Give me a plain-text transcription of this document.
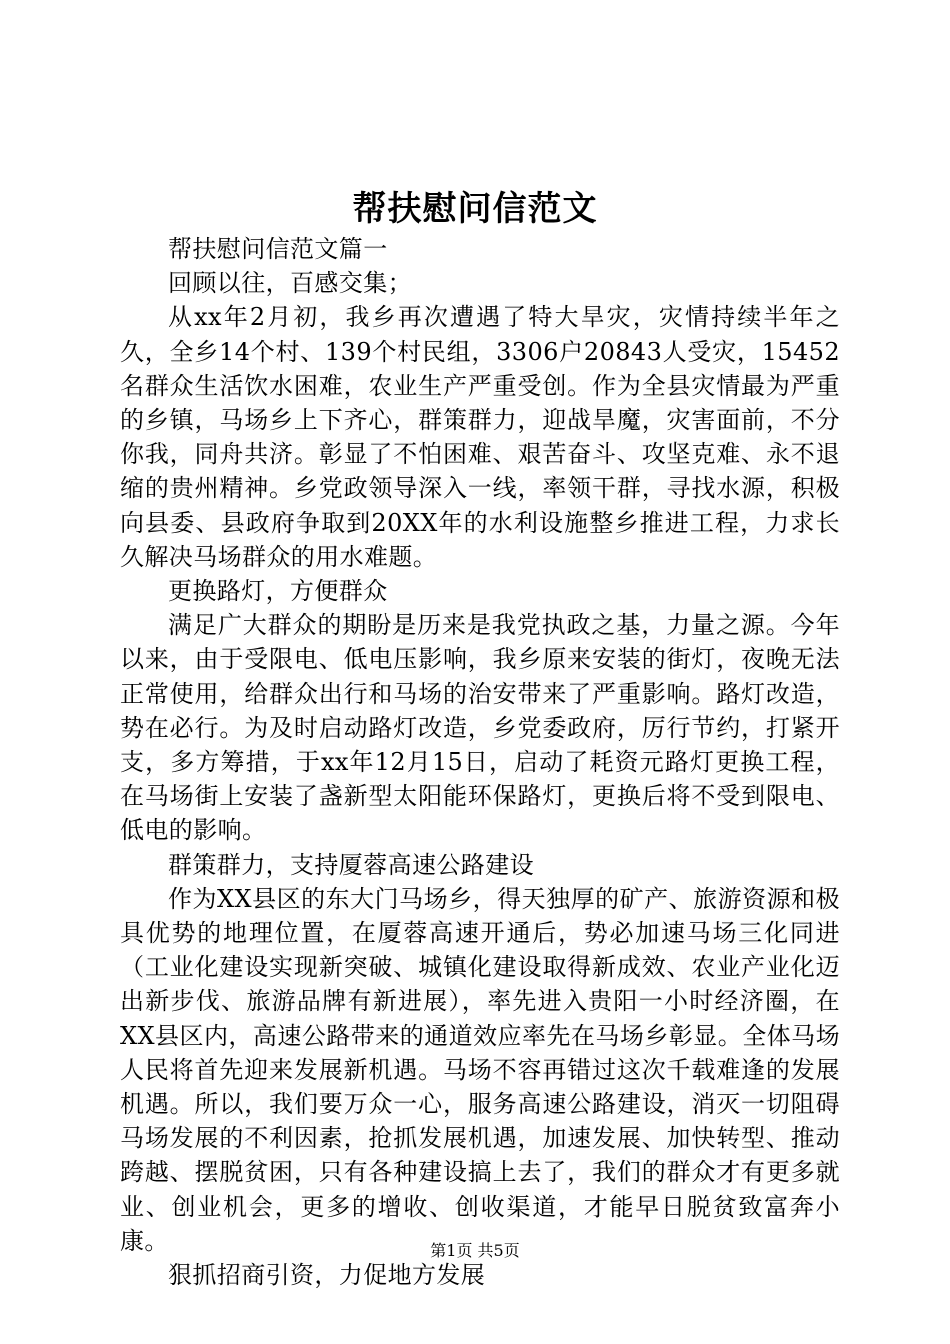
帮扶慰问信范文

帮扶慰问信范文篇一

回顾以往，百感交集；

从xx年2月初，我乡再次遭遇了特大旱灾，灾情持续半年之久，全乡14个村、139个村民组，3306户20843人受灾，15452名群众生活饮水困难，农业生产严重受创。作为全县灾情最为严重的乡镇，马场乡上下齐心，群策群力，迎战旱魔，灾害面前，不分你我，同舟共济。彰显了不怕困难、艰苦奋斗、攻坚克难、永不退缩的贵州精神。乡党政领导深入一线，率领干群，寻找水源，积极向县委、县政府争取到20XX年的水利设施整乡推进工程，力求长久解决马场群众的用水难题。

更换路灯，方便群众

满足广大群众的期盼是历来是我党执政之基，力量之源。今年以来，由于受限电、低电压影响，我乡原来安装的街灯，夜晚无法正常使用，给群众出行和马场的治安带来了严重影响。路灯改造，势在必行。为及时启动路灯改造，乡党委政府，厉行节约，打紧开支，多方筹措，于xx年12月15日，启动了耗资元路灯更换工程，在马场街上安装了盏新型太阳能环保路灯，更换后将不受到限电、低电的影响。

群策群力，支持厦蓉高速公路建设

作为XX县区的东大门马场乡，得天独厚的矿产、旅游资源和极具优势的地理位置，在厦蓉高速开通后，势必加速马场三化同进（工业化建设实现新突破、城镇化建设取得新成效、农业产业化迈出新步伐、旅游品牌有新进展），率先进入贵阳一小时经济圈，在XX县区内，高速公路带来的通道效应率先在马场乡彰显。全体马场人民将首先迎来发展新机遇。马场不容再错过这次千载难逢的发展机遇。所以，我们要万众一心，服务高速公路建设，消灭一切阻碍马场发展的不利因素，抢抓发展机遇，加速发展、加快转型、推动跨越、摆脱贫困，只有各种建设搞上去了，我们的群众才有更多就业、创业机会，更多的增收、创收渠道，才能早日脱贫致富奔小康。

狠抓招商引资，力促地方发展

第1页 共5页
